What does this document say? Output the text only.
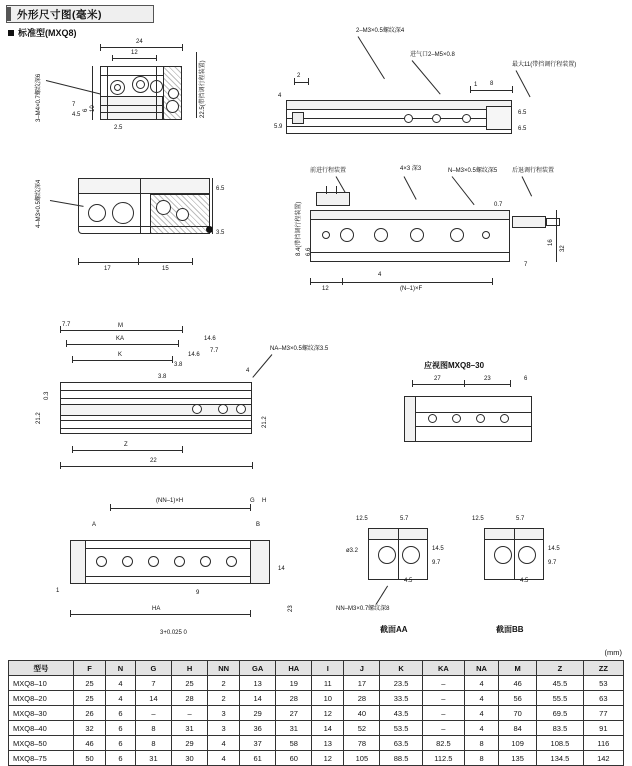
外形尺寸图(毫米)
标准型(MXQ8)
24
12
10
6
7
4.5
2.5
22.5(带挡调行程装置)
3–M4×0.7螺纹深6
17	15
6.5
3.5
4–M3×0.5螺纹深4
2
4
5.9
1 8
6.5
6.5
2–M3×0.5螺纹深4
进气口2–M5×0.8
最大11(带挡调行程装置)
32
16
7
0.7
8.4(带挡调行程装置) 6.6
12	(N–1)×F
4
前进行程装置	4×3 深3	N–M3×0.5螺纹深5 后退调行程装置
M
7.7
KA	14.6
K	14.6
3.8
7.7
3.8
4
0.3
21.2	21.2
Z
22
NA–M3×0.5螺纹深3.5
应视图MXQ8–30
27	23	6
(NN–1)×H	G H
A	B
1
14
23
HA
9
3+0.025 0
12.5	5.7
14.5
9.7
ø3.2
4.5
截面AA
NN–M3×0.7螺纹深8
12.5	5.7
14.5
9.7
4.5
截面BB
(mm)
型号	F	N	G	H	NN	GA	HA	I	J	K	KA	NA	M	Z	ZZ
MXQ8–10	25	4	7	25	2	13	19	11	17	23.5	–	4	46	45.5	53
MXQ8–20	25	4	14	28	2	14	28	10	28	33.5	–	4	56	55.5	63
MXQ8–30	26	6	–	–	3	29	27	12	40	43.5	–	4	70	69.5	77
MXQ8–40	32	6	8	31	3	36	31	14	52	53.5	–	4	84	83.5	91
MXQ8–50	46	6	8	29	4	37	58	13	78	63.5	82.5	8	109	108.5	116
MXQ8–75	50	6	31	30	4	61	60	12	105	88.5	112.5	8	135	134.5	142
